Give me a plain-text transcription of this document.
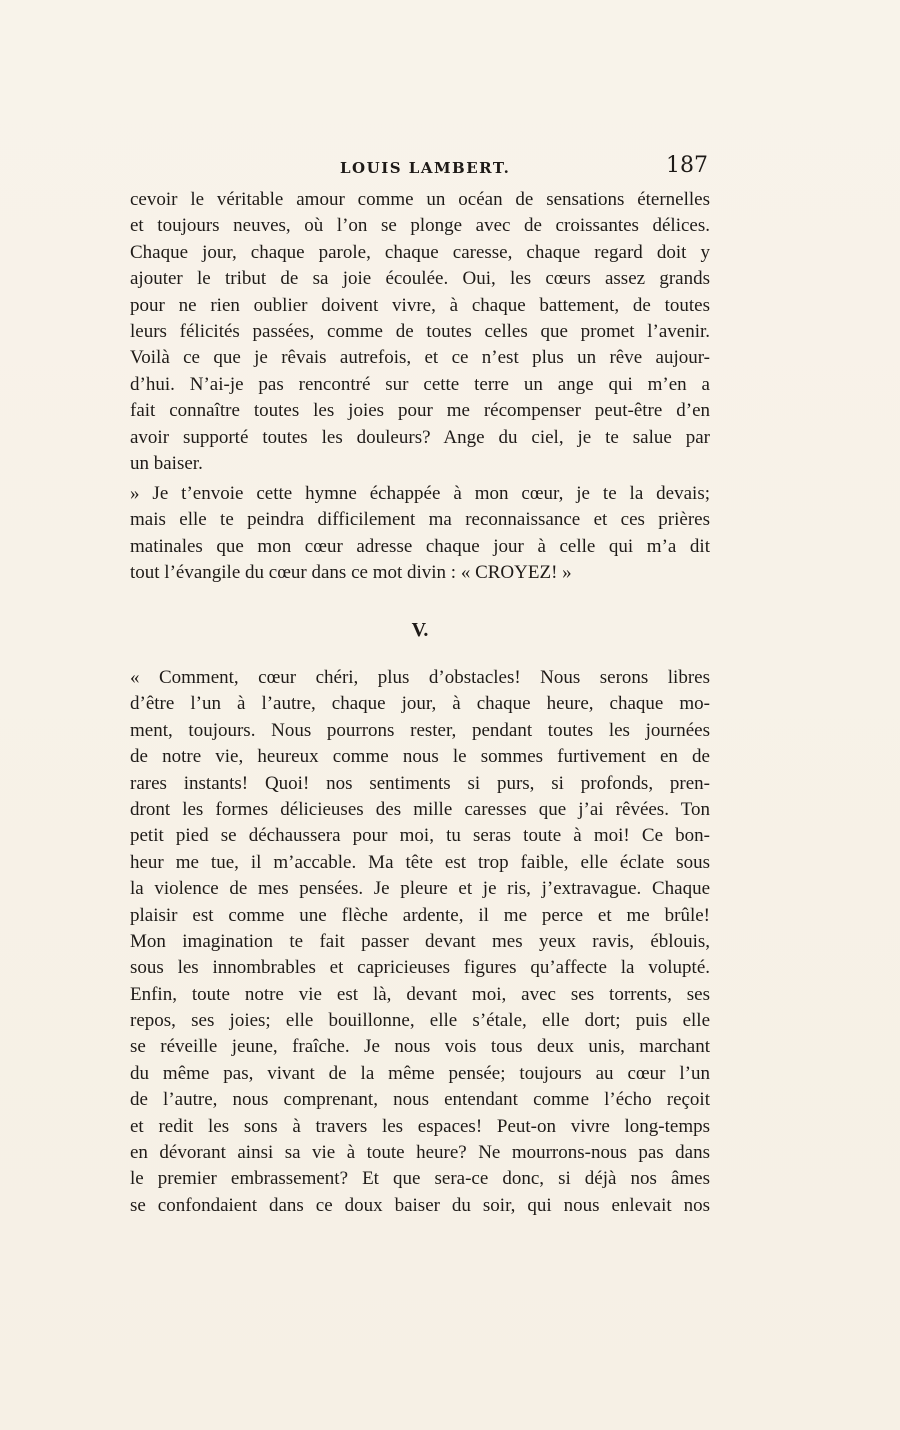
LOUIS LAMBERT.	187
cevoir le véritable amour comme un océan de sensations éternelles
et toujours neuves, où l’on se plonge avec de croissantes délices.
Chaque jour, chaque parole, chaque caresse, chaque regard doit y
ajouter le tribut de sa joie écoulée. Oui, les cœurs assez grands
pour ne rien oublier doivent vivre, à chaque battement, de toutes
leurs félicités passées, comme de toutes celles que promet l’avenir.
Voilà ce que je rêvais autrefois, et ce n’est plus un rêve aujour-
d’hui. N’ai-je pas rencontré sur cette terre un ange qui m’en a
fait connaître toutes les joies pour me récompenser peut-être d’en
avoir supporté toutes les douleurs? Ange du ciel, je te salue par
un baiser.
» Je t’envoie cette hymne échappée à mon cœur, je te la devais;
mais elle te peindra difficilement ma reconnaissance et ces prières
matinales que mon cœur adresse chaque jour à celle qui m’a dit
tout l’évangile du cœur dans ce mot divin : « CROYEZ! »
V.
« Comment, cœur chéri, plus d’obstacles! Nous serons libres
d’être l’un à l’autre, chaque jour, à chaque heure, chaque mo-
ment, toujours. Nous pourrons rester, pendant toutes les journées
de notre vie, heureux comme nous le sommes furtivement en de
rares instants! Quoi! nos sentiments si purs, si profonds, pren-
dront les formes délicieuses des mille caresses que j’ai rêvées. Ton
petit pied se déchaussera pour moi, tu seras toute à moi! Ce bon-
heur me tue, il m’accable. Ma tête est trop faible, elle éclate sous
la violence de mes pensées. Je pleure et je ris, j’extravague. Chaque
plaisir est comme une flèche ardente, il me perce et me brûle!
Mon imagination te fait passer devant mes yeux ravis, éblouis,
sous les innombrables et capricieuses figures qu’affecte la volupté.
Enfin, toute notre vie est là, devant moi, avec ses torrents, ses
repos, ses joies; elle bouillonne, elle s’étale, elle dort; puis elle
se réveille jeune, fraîche. Je nous vois tous deux unis, marchant
du même pas, vivant de la même pensée; toujours au cœur l’un
de l’autre, nous comprenant, nous entendant comme l’écho reçoit
et redit les sons à travers les espaces! Peut-on vivre long-temps
en dévorant ainsi sa vie à toute heure? Ne mourrons-nous pas dans
le premier embrassement? Et que sera-ce donc, si déjà nos âmes
se confondaient dans ce doux baiser du soir, qui nous enlevait nos
